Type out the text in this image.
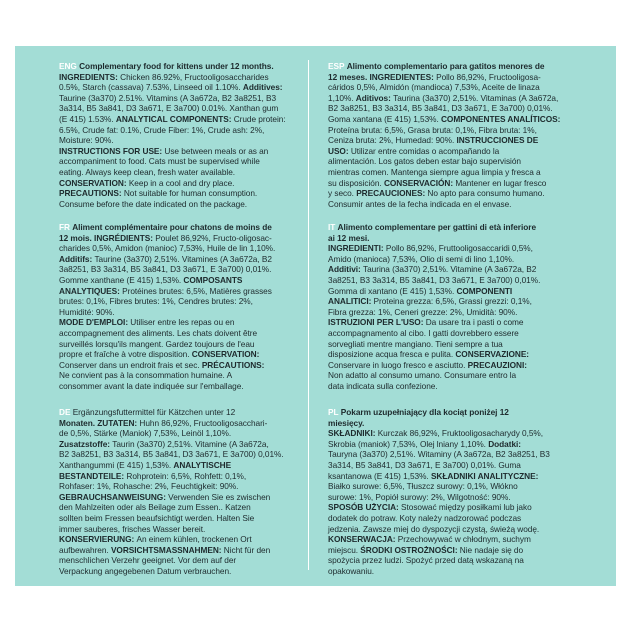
ENG Complementary food for kittens under 12 months.

INGREDIENTS: Chicken 86.92%, Fructooligosaccharides

0.5%, Starch (cassava) 7.53%, Linseed oil 1.10%. Additives:

Taurine (3a370) 2.51%. Vitamins (A 3a672a, B2 3a8251, B3

3a314, B5 3a841, D3 3a671, E 3a700) 0.01%. Xanthan gum

(E 415) 1.53%. ANALYTICAL COMPONENTS: Crude protein:

6.5%, Crude fat: 0.1%, Crude Fiber: 1%, Crude ash: 2%,

Moisture: 90%.

INSTRUCTIONS FOR USE: Use between meals or as an

accompaniment to food. Cats must be supervised while

eating. Always keep clean, fresh water available.

CONSERVATION: Keep in a cool and dry place.

PRECAUTIONS: Not suitable for human consumption.

Consume before the date indicated on the package.

ESP Alimento complementario para gatitos menores de

12 meses. INGREDIENTES: Pollo 86,92%, Fructooligosa-

cáridos 0,5%, Almidón (mandioca) 7,53%, Aceite de linaza

1,10%. Aditivos: Taurina (3a370) 2,51%. Vitaminas (A 3a672a,

B2 3a8251, B3 3a314, B5 3a841, D3 3a671, E 3a700) 0,01%.

Goma xantana (E 415) 1,53%. COMPONENTES ANALÍTICOS:

Proteína bruta: 6,5%, Grasa bruta: 0,1%, Fibra bruta: 1%,

Ceniza bruta: 2%, Humedad: 90%. INSTRUCCIONES DE

USO: Utilizar entre comidas o acompañando la

alimentación. Los gatos deben estar bajo supervisión

mientras comen. Mantenga siempre agua limpia y fresca a

su disposición. CONSERVACIÓN: Mantener en lugar fresco

y seco. PRECAUCIONES: No apto para consumo humano.

Consumir antes de la fecha indicada en el envase.

FR Aliment complémentaire pour chatons de moins de

12 mois. INGRÉDIENTS: Poulet 86,92%, Fructo-oligosac-

charides 0,5%, Amidon (manioc) 7,53%, Huile de lin 1,10%.

Additifs: Taurine (3a370) 2,51%. Vitamines (A 3a672a, B2

3a8251, B3 3a314, B5 3a841, D3 3a671, E 3a700) 0,01%.

Gomme xanthane (E 415) 1,53%. COMPOSANTS

ANALYTIQUES: Protéines brutes: 6,5%, Matières grasses

brutes: 0,1%, Fibres brutes: 1%, Cendres brutes: 2%,

Humidité: 90%.

MODE D'EMPLOI: Utiliser entre les repas ou en

accompagnement des aliments. Les chats doivent être

surveillés lorsqu'ils mangent. Gardez toujours de l'eau

propre et fraîche à votre disposition. CONSERVATION:

Conserver dans un endroit frais et sec. PRÉCAUTIONS:

Ne convient pas à la consommation humaine. A

consommer avant la date indiquée sur l'emballage.

IT Alimento complementare per gattini di età inferiore

ai 12 mesi.

INGREDIENTI: Pollo 86,92%, Fruttooligosaccaridi 0,5%,

Amido (manioca) 7,53%, Olio di semi di lino 1,10%.

Additivi: Taurina (3a370) 2,51%. Vitamine (A 3a672a, B2

3a8251, B3 3a314, B5 3a841, D3 3a671, E 3a700) 0,01%.

Gomma di xantano (E 415) 1,53%. COMPONENTI

ANALITICI: Proteina grezza: 6,5%, Grassi grezzi: 0,1%,

Fibra grezza: 1%, Ceneri grezze: 2%, Umidità: 90%.

ISTRUZIONI PER L'USO: Da usare tra i pasti o come

accompagnamento al cibo. I gatti dovrebbero essere

sorvegliati mentre mangiano. Tieni sempre a tua

disposizione acqua fresca e pulita. CONSERVAZIONE:

Conservare in luogo fresco e asciutto. PRECAUZIONI:

Non adatto al consumo umano. Consumare entro la

data indicata sulla confezione.

DE Ergänzungsfuttermittel für Kätzchen unter 12

Monaten. ZUTATEN: Huhn 86,92%, Fructooligosacchari-

de 0,5%, Stärke (Maniok) 7,53%, Leinöl 1,10%.

Zusatzstoffe: Taurin (3a370) 2,51%. Vitamine (A 3a672a,

B2 3a8251, B3 3a314, B5 3a841, D3 3a671, E 3a700) 0,01%.

Xanthangummi (E 415) 1,53%. ANALYTISCHE

BESTANDTEILE: Rohprotein: 6,5%, Rohfett: 0,1%,

Rohfaser: 1%, Rohasche: 2%, Feuchtigkeit: 90%.

GEBRAUCHSANWEISUNG: Verwenden Sie es zwischen

den Mahlzeiten oder als Beilage zum Essen.. Katzen

sollten beim Fressen beaufsichtigt werden. Halten Sie

immer sauberes, frisches Wasser bereit.

KONSERVIERUNG: An einem kühlen, trockenen Ort

aufbewahren. VORSICHTSMASSNAHMEN: Nicht für den

menschlichen Verzehr geeignet. Vor dem auf der

Verpackung angegebenen Datum verbrauchen.

PL Pokarm uzupełniający dla kociąt poniżej 12

miesięcy.

SKŁADNIKI: Kurczak 86,92%, Fruktooligosacharydy 0,5%,

Skrobia (maniok) 7,53%, Olej lniany 1,10%. Dodatki:

Tauryna (3a370) 2,51%. Witaminy (A 3a672a, B2 3a8251, B3

3a314, B5 3a841, D3 3a671, E 3a700) 0,01%. Guma

ksantanowa (E 415) 1,53%. SKŁADNIKI ANALITYCZNE:

Białko surowe: 6,5%, Tłuszcz surowy: 0,1%, Włókno

surowe: 1%, Popiół surowy: 2%, Wilgotność: 90%.

SPOSÓB UŻYCIA: Stosować między posiłkami lub jako

dodatek do potraw. Koty należy nadzorować podczas

jedzenia. Zawsze miej do dyspozycji czystą, świeżą wodę.

KONSERWACJA: Przechowywać w chłodnym, suchym

miejscu. ŚRODKI OSTROŻNOŚCI: Nie nadaje się do

spożycia przez ludzi. Spożyć przed datą wskazaną na

opakowaniu.
